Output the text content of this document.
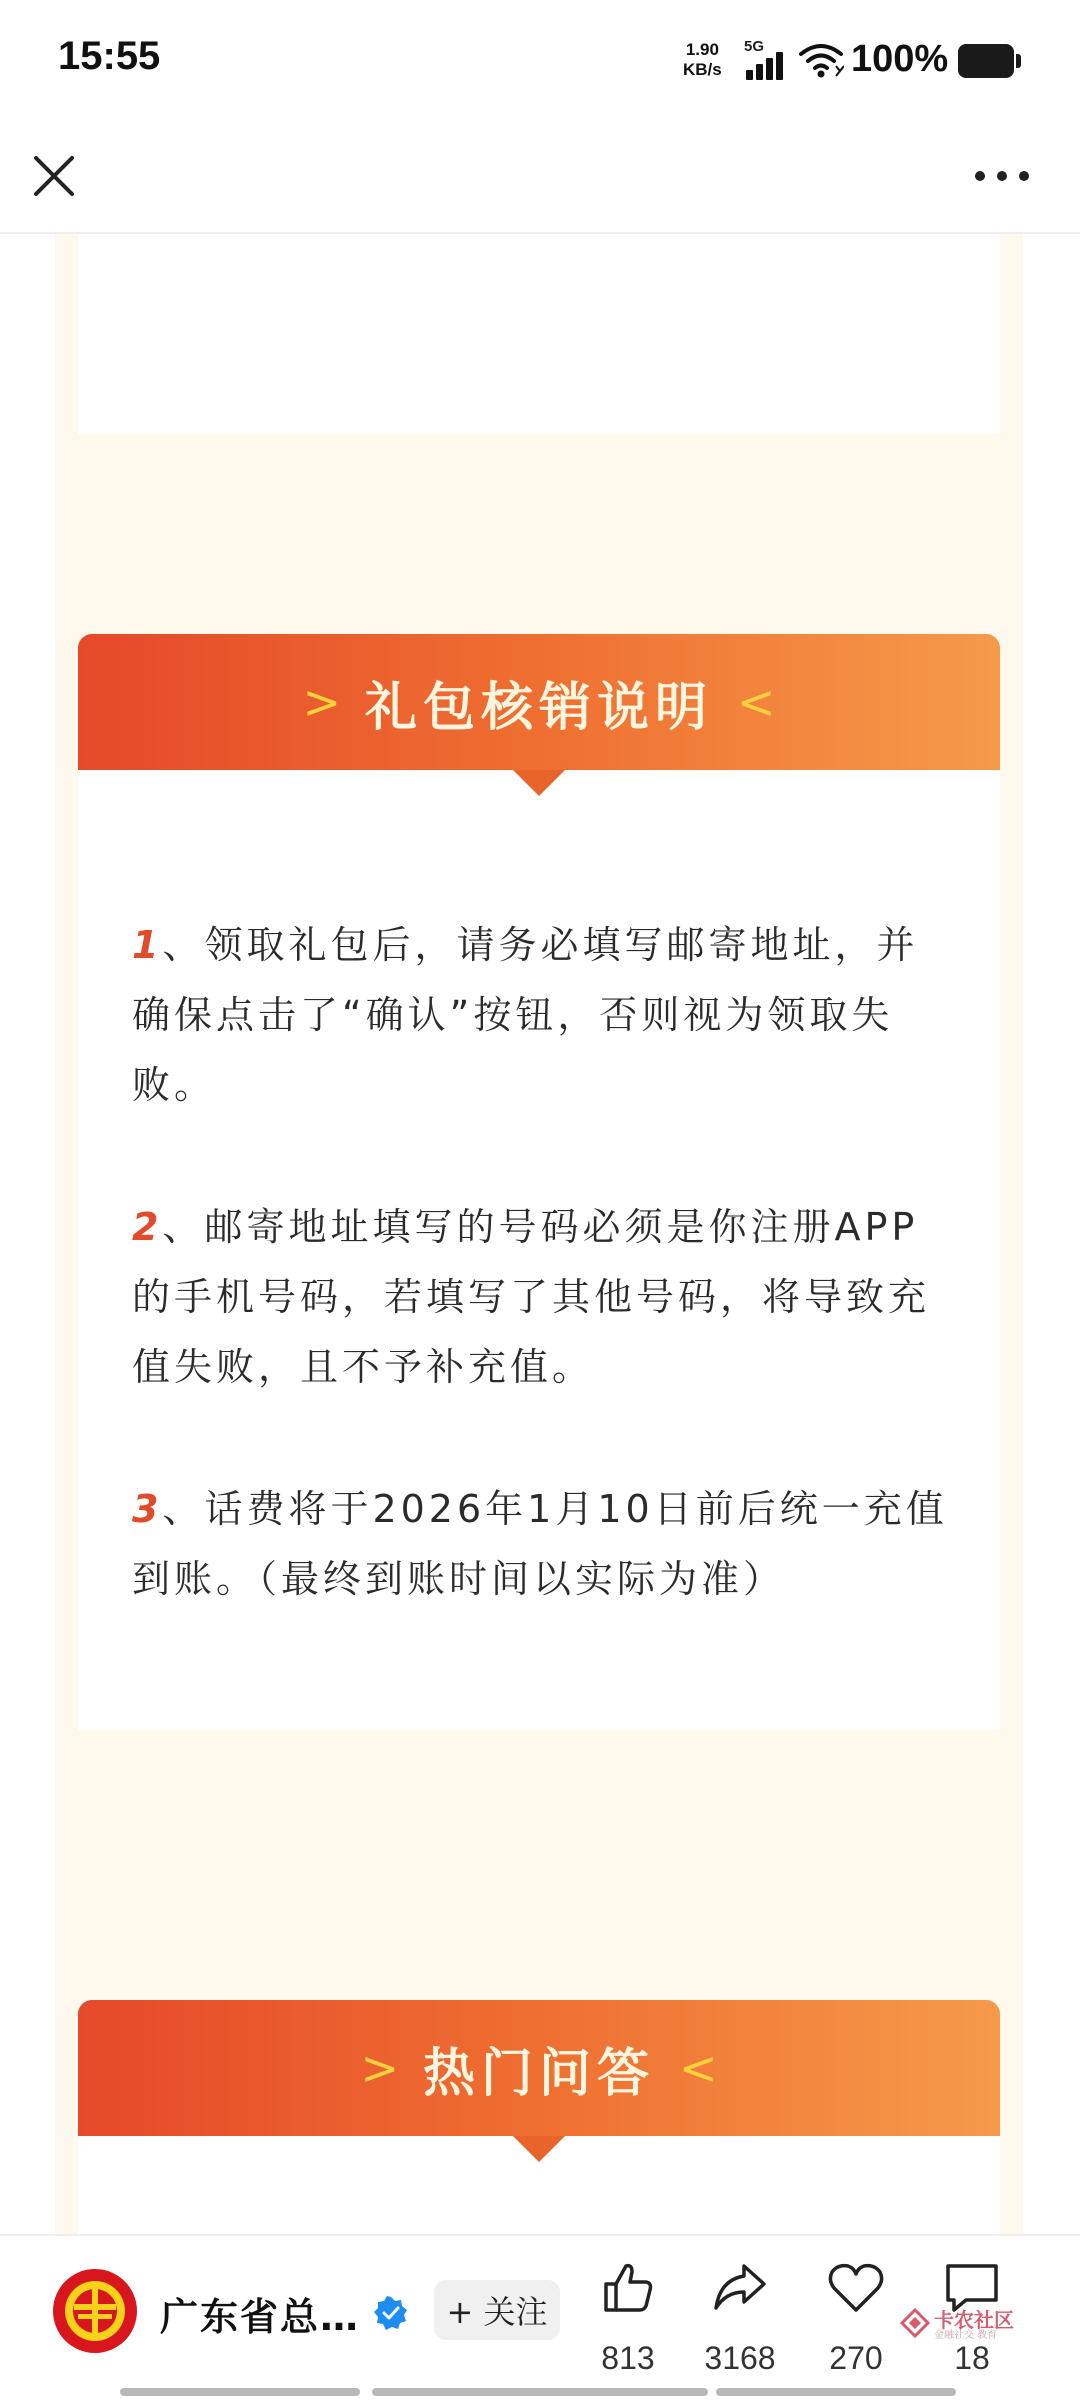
15:55	1.90
KB/s
5G 100%
> 礼包核销说明 <
1、领取礼包后，请务必填写邮寄地址，并确保点击了“确认”按钮，否则视为领取失败。
2、邮寄地址填写的号码必须是你注册APP的手机号码，若填写了其他号码，将导致充值失败，且不予补充值。
3、话费将于2026年1月10日前后统一充值到账。（最终到账时间以实际为准）
> 热门问答 <
广东省总…	+ 关注
813	3168	270	18
卡农社区
金融社交 教育
